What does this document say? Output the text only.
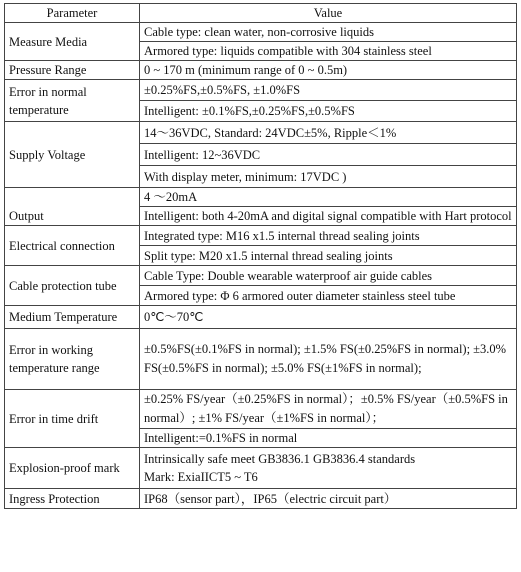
Parameter	Value
Measure Media	Cable type: clean water, non-corrosive liquids
	Armored type: liquids compatible with 304 stainless steel
Pressure Range	0 ~ 170 m (minimum range of 0 ~ 0.5m)
Error in normal temperature	±0.25%FS,±0.5%FS, ±1.0%FS
	Intelligent: ±0.1%FS,±0.25%FS,±0.5%FS
Supply Voltage	14～36VDC, Standard: 24VDC±5%, Ripple＜1%
	Intelligent: 12~36VDC
	With display meter, minimum: 17VDC )
Output	4 ～20mA
	Intelligent: both 4-20mA and digital signal compatible with Hart protocol
Electrical connection	Integrated type: M16 x1.5 internal thread sealing joints
	Split type: M20 x1.5 internal thread sealing joints
Cable protection tube	Cable Type: Double wearable waterproof air guide cables
	Armored type: Φ 6 armored outer diameter stainless steel tube
Medium Temperature	0℃～70℃
Error in working temperature range	±0.5%FS(±0.1%FS in normal); ±1.5% FS(±0.25%FS in normal); ±3.0% FS(±0.5%FS in normal); ±5.0% FS(±1%FS in normal);
Error in time drift	±0.25% FS/year（±0.25%FS in normal）；±0.5% FS/year（±0.5%FS in normal）; ±1% FS/year（±1%FS in normal）；
	Intelligent:=0.1%FS in normal
Explosion-proof mark	Intrinsically safe meet GB3836.1 GB3836.4 standards
Mark: ExiaIICT5 ~ T6

Ingress Protection	IP68（sensor part），IP65（electric circuit part）
